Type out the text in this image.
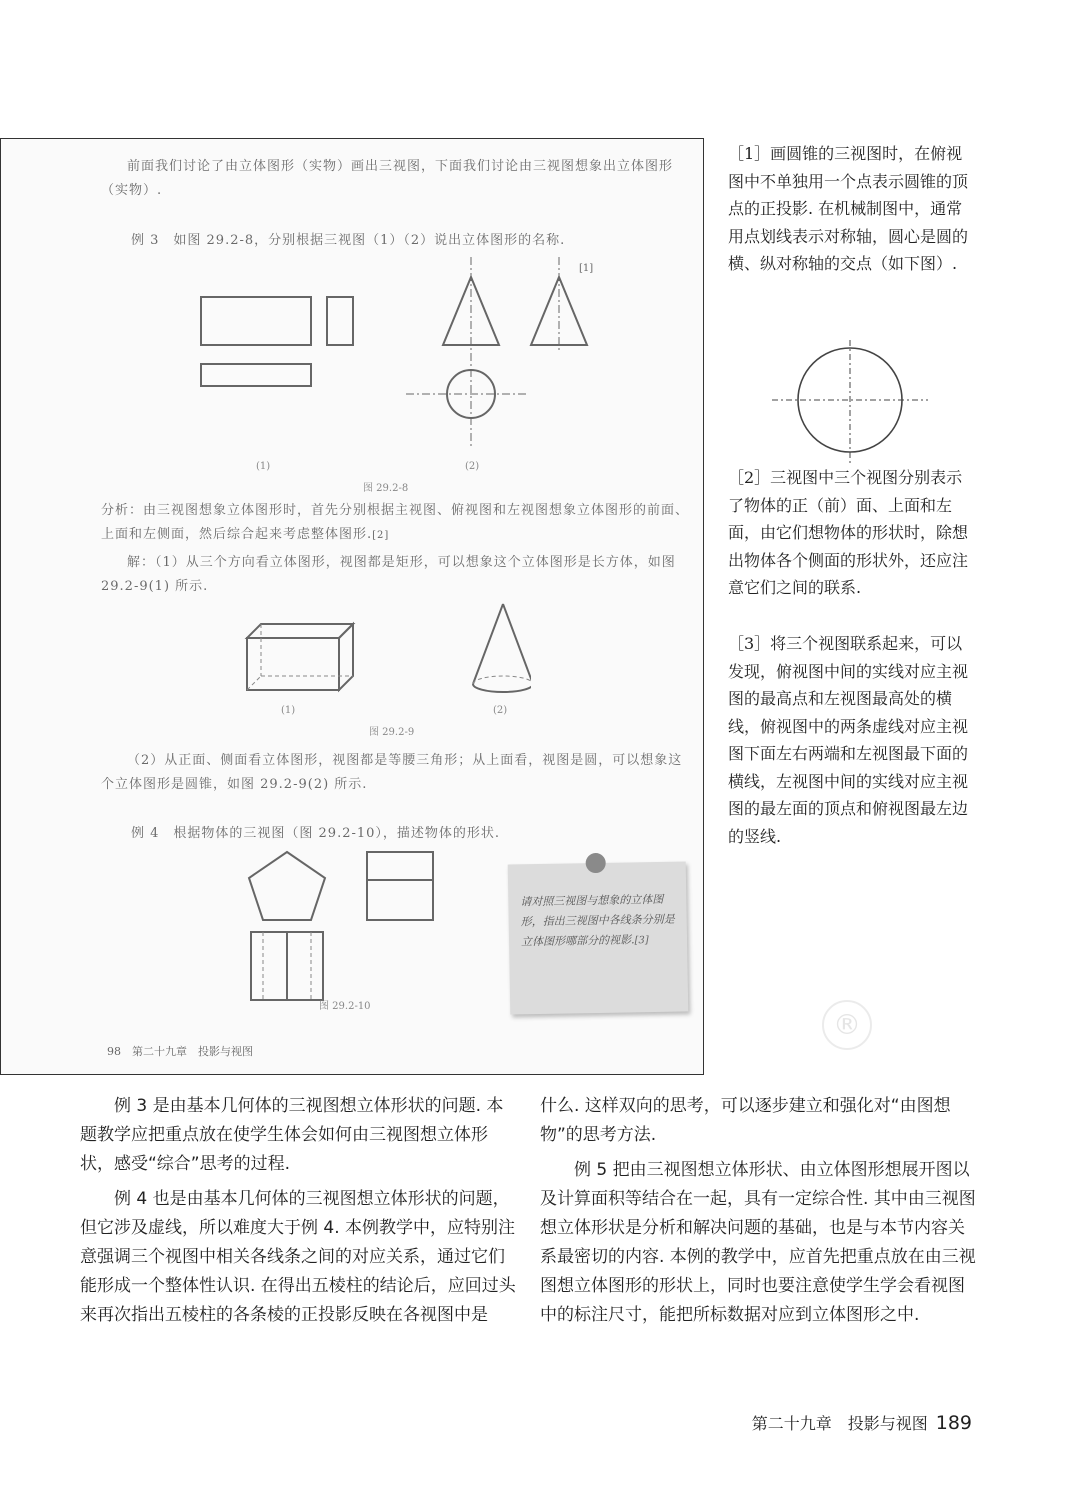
前面我们讨论了由立体图形（实物）画出三视图，下面我们讨论由三视图想象出立体图形（实物）.
例 3　如图 29.2-8，分别根据三视图（1）（2）说出立体图形的名称.
[1]
(1)	(2)
图 29.2-8
分析：由三视图想象立体图形时，首先分别根据主视图、俯视图和左视图想象立体图形的前面、上面和左侧面，然后综合起来考虑整体图形.[2]
解：（1）从三个方向看立体图形，视图都是矩形，可以想象这个立体图形是长方体，如图 29.2-9(1) 所示.
(1)	(2)
图 29.2-9
（2）从正面、侧面看立体图形，视图都是等腰三角形；从上面看，视图是圆，可以想象这个立体图形是圆锥，如图 29.2-9(2) 所示.
例 4　根据物体的三视图（图 29.2-10），描述物体的形状.
图 29.2-10
请对照三视图与想象的立体图形，指出三视图中各线条分别是立体图形哪部分的视影.[3]
98　第二十九章　投影与视图
［1］画圆锥的三视图时，在俯视图中不单独用一个点表示圆锥的顶点的正投影. 在机械制图中，通常用点划线表示对称轴，圆心是圆的横、纵对称轴的交点（如下图）.
［2］三视图中三个视图分别表示了物体的正（前）面、上面和左面，由它们想物体的形状时，除想出物体各个侧面的形状外，还应注意它们之间的联系.
［3］将三个视图联系起来，可以发现，俯视图中间的实线对应主视图的最高点和左视图最高处的横线，俯视图中的两条虚线对应主视图下面左右两端和左视图最下面的横线，左视图中间的实线对应主视图的最左面的顶点和俯视图最左边的竖线.
®

例 3 是由基本几何体的三视图想立体形状的问题. 本题教学应把重点放在使学生体会如何由三视图想立体形状，感受“综合”思考的过程.

例 4 也是由基本几何体的三视图想立体形状的问题，但它涉及虚线，所以难度大于例 4. 本例教学中，应特别注意强调三个视图中相关各线条之间的对应关系，通过它们能形成一个整体性认识. 在得出五棱柱的结论后，应回过头来再次指出五棱柱的各条棱的正投影反映在各视图中是

什么. 这样双向的思考，可以逐步建立和强化对“由图想物”的思考方法.

例 5 把由三视图想立体形状、由立体图形想展开图以及计算面积等结合在一起，具有一定综合性. 其中由三视图想立体形状是分析和解决问题的基础，也是与本节内容关系最密切的内容. 本例的教学中，应首先把重点放在由三视图想立体图形的形状上，同时也要注意使学生学会看视图中的标注尺寸，能把所标数据对应到立体图形之中.

第二十九章　投影与视图 189
